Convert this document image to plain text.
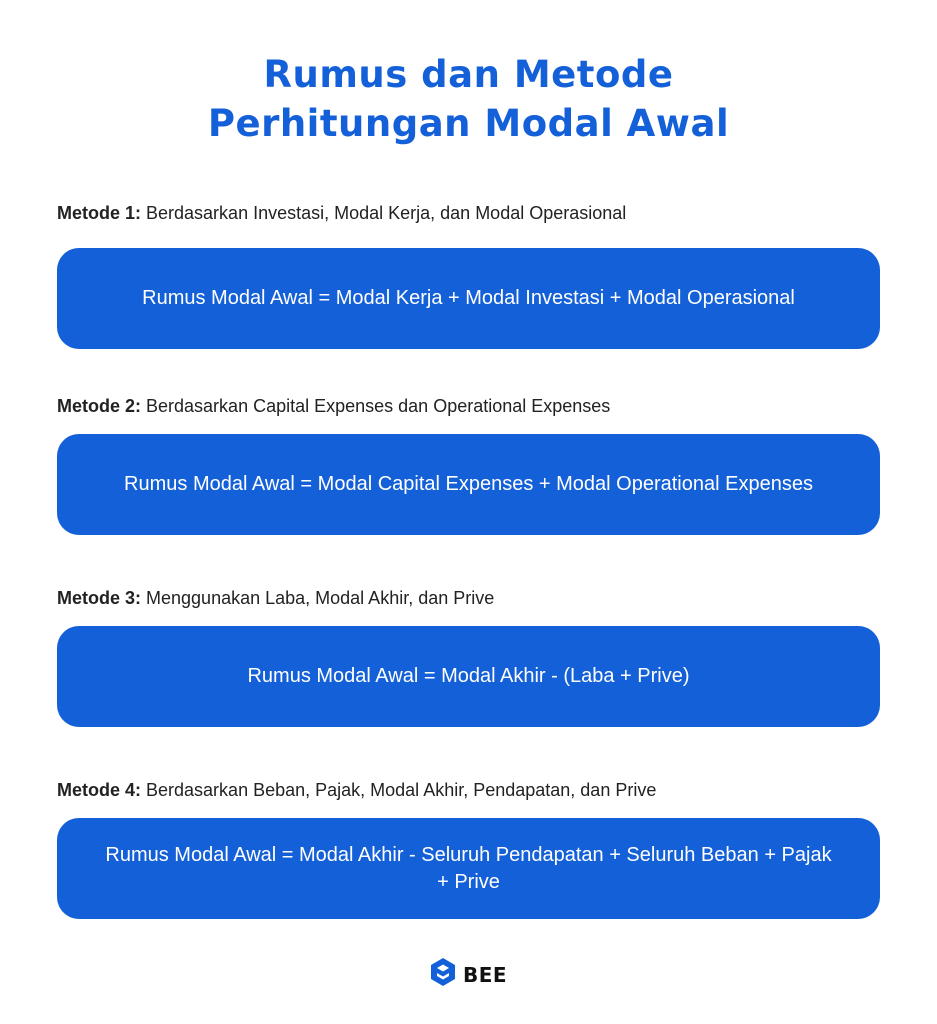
Rumus dan Metode
Perhitungan Modal Awal
Metode 1: Berdasarkan Investasi, Modal Kerja, dan Modal Operasional
Rumus Modal Awal = Modal Kerja + Modal Investasi + Modal Operasional
Metode 2: Berdasarkan Capital Expenses dan Operational Expenses
Rumus Modal Awal = Modal Capital Expenses + Modal Operational Expenses
Metode 3: Menggunakan Laba, Modal Akhir, dan Prive
Rumus Modal Awal = Modal Akhir - (Laba + Prive)
Metode 4: Berdasarkan Beban, Pajak, Modal Akhir, Pendapatan, dan Prive
Rumus Modal Awal = Modal Akhir - Seluruh Pendapatan + Seluruh Beban + Pajak + Prive
BEE
